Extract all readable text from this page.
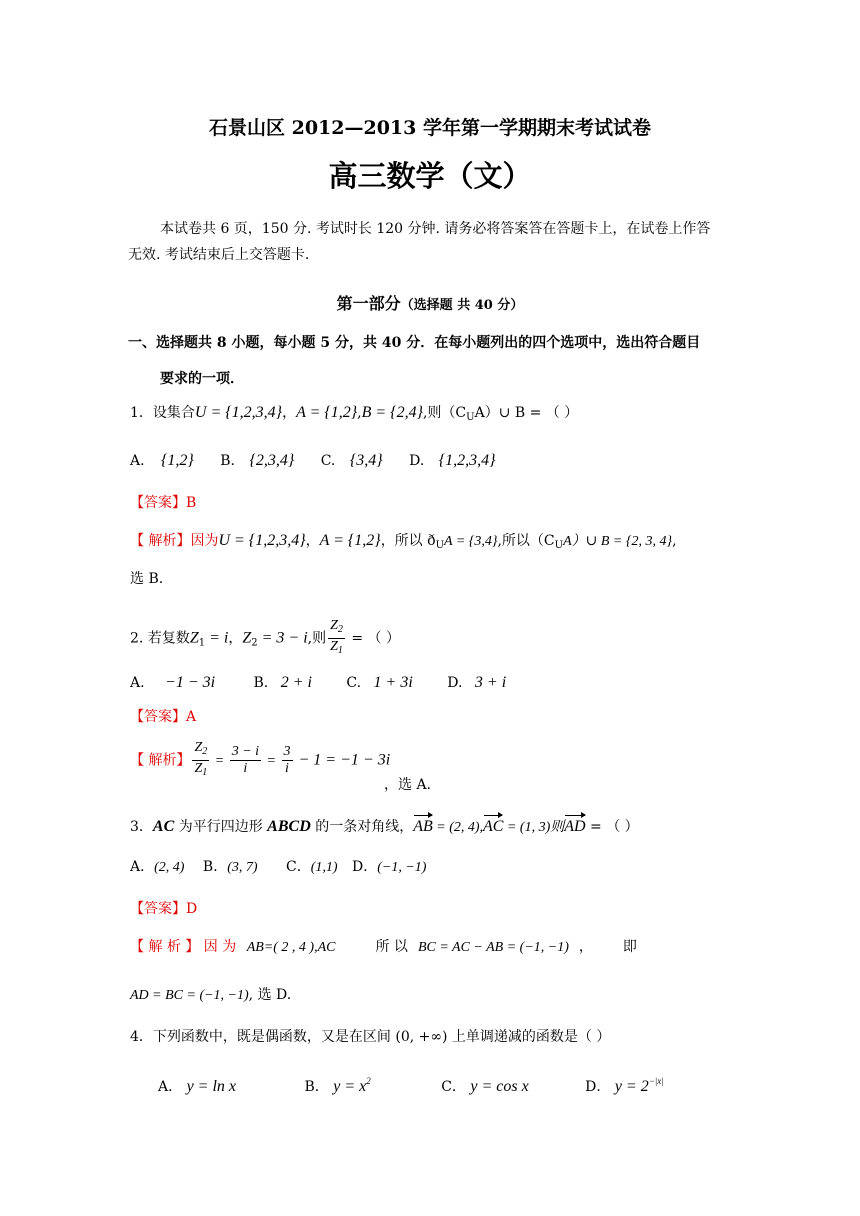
石景山区 2012—2013 学年第一学期期末考试试卷
高三数学（文）
本试卷共 6 页，150 分. 考试时长 120 分钟. 请务必将答案答在答题卡上，在试卷上作答
无效. 考试结束后上交答题卡.
第一部分（选择题 共 40 分）
一、选择题共 8 小题，每小题 5 分，共 40 分．在每小题列出的四个选项中，选出符合题目
要求的一项．
1．设集合U = {1,2,3,4}，A = {1,2},B = {2,4},则$(C_UA)\cup$ B = （ ）
A. {1,2} B. {2,3,4} C. {3,4} D. {1,2,3,4}
【答案】B
【 解析】因为U = {1,2,3,4}，A = {1,2}，所以 $ð_UA = \{3,4\}$,所以$(C_UA)\cup$ B = {2, 3, 4},
选 B.
2. 若复数$Z_1 = i$，$Z_2 = 3 - i$,则 $\frac{Z_2}{Z_1}$ = （ ）
A. −1 − 3i	B. 2 + i C. 1 + 3i D. 3 + i
【答案】A
【 解析】 $\frac{Z_2}{Z_1} = \frac{3 - i}{i} = \frac{3}{i} - 1 = -1 - 3i$
，选 A.
3．AC 为平行四边形 ABCD 的一条对角线，AB = (2, 4),AC = (1, 3)则AD = （ ）
A．(2, 4) B．(3, 7) C．(1,1) D．(−1, −1)
【答案】D
【 解 析 】 因 为 AB=( 2 , 4 ),AC	所 以 BC = AC − AB = (−1, −1) ， 即
AD = BC = (−1, −1), 选 D.
4．下列函数中，既是偶函数，又是在区间 (0, +∞) 上单调递减的函数是（ ）
A． y = ln x	B． $y = x^2$	C． y = cos x	D． $y = 2^{-|x|}$
